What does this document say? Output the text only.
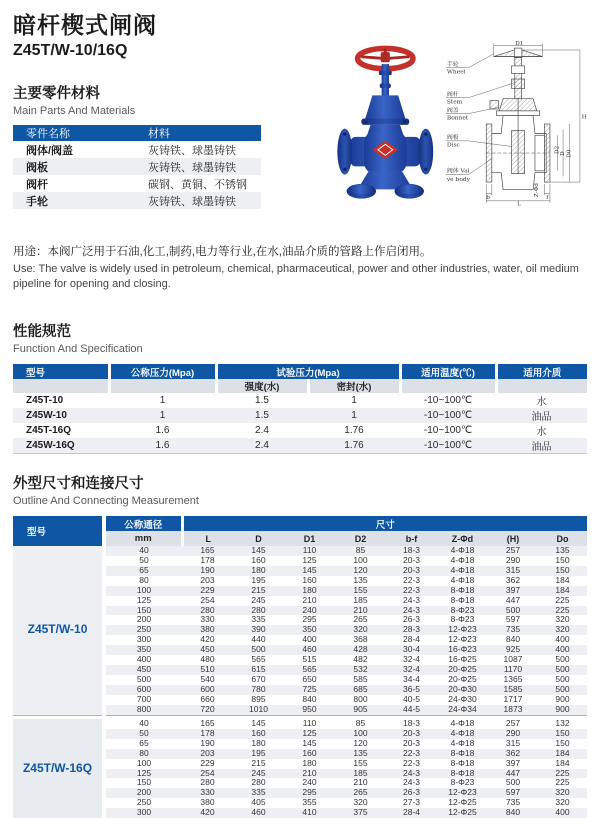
暗杆楔式闸阀
Z45T/W-10/16Q
手轮
Wheel
阀杆
Stem
阀盖
Bonnet
阀板
Disc
阀体 Val
ve body
D1
H
D2 D D0
b
L
Z-Φd
f
主要零件材料
Main Parts And Materials
零件名称	材料
阀体/阀盖	灰铸铁、球墨铸铁
阀板	灰铸铁、球墨铸铁
阀杆	碳钢、黄铜、不锈钢
手轮	灰铸铁、球墨铸铁
用途：本阀广泛用于石油,化工,制药,电力等行业,在水,油品介质的管路上作启闭用。
Use: The valve is widely used in petroleum, chemical, pharmaceutical, power and other industries, water, oil medium
pipeline for opening and closing.
性能规范
Function And Specification
型号	公称压力(Mpa)	试验压力(Mpa)		适用温度(℃)	适用介质
		强度(水)	密封(水)		
Z45T-10	1	1.5	1	-10~100℃	水
Z45W-10	1	1.5	1	-10~100℃	油品
Z45T-16Q	1.6	2.4	1.76	-10~100℃	水
Z45W-16Q	1.6	2.4	1.76	-10~100℃	油品
外型尺寸和连接尺寸
Outline And Connecting Measurement
型号	公称通径	尺寸							
	mm	L	D	D1	D2	b-f	Z-Φd	(H)	Do
Z45T/W-10	40	165	145	110	85	18-3	4-Φ18	257	135
	50	178	160	125	100	20-3	4-Φ18	290	150
	65	190	180	145	120	20-3	4-Φ18	315	150
	80	203	195	160	135	22-3	4-Φ18	362	184
	100	229	215	180	155	22-3	8-Φ18	397	184
	125	254	245	210	185	24-3	8-Φ18	447	225
	150	280	280	240	210	24-3	8-Φ23	500	225
	200	330	335	295	265	26-3	8-Φ23	597	320
	250	380	390	350	320	28-3	12-Φ23	735	320
	300	420	440	400	368	28-4	12-Φ23	840	400
	350	450	500	460	428	30-4	16-Φ23	925	400
	400	480	565	515	482	32-4	16-Φ25	1087	500
	450	510	615	565	532	32-4	20-Φ25	1170	500
	500	540	670	650	585	34-4	20-Φ25	1365	500
	600	600	780	725	685	36-5	20-Φ30	1585	500
	700	660	895	840	800	40-5	24-Φ30	1717	900
	800	720	1010	950	905	44-5	24-Φ34	1873	900

Z45T/W-16Q	40	165	145	110	85	18-3	4-Φ18	257	132
	50	178	160	125	100	20-3	4-Φ18	290	150
	65	190	180	145	120	20-3	4-Φ18	315	150
	80	203	195	160	135	22-3	8-Φ18	362	184
	100	229	215	180	155	22-3	8-Φ18	397	184
	125	254	245	210	185	24-3	8-Φ18	447	225
	150	280	280	240	210	24-3	8-Φ23	500	225
	200	330	335	295	265	26-3	12-Φ23	597	320
	250	380	405	355	320	27-3	12-Φ25	735	320
	300	420	460	410	375	28-4	12-Φ25	840	400
